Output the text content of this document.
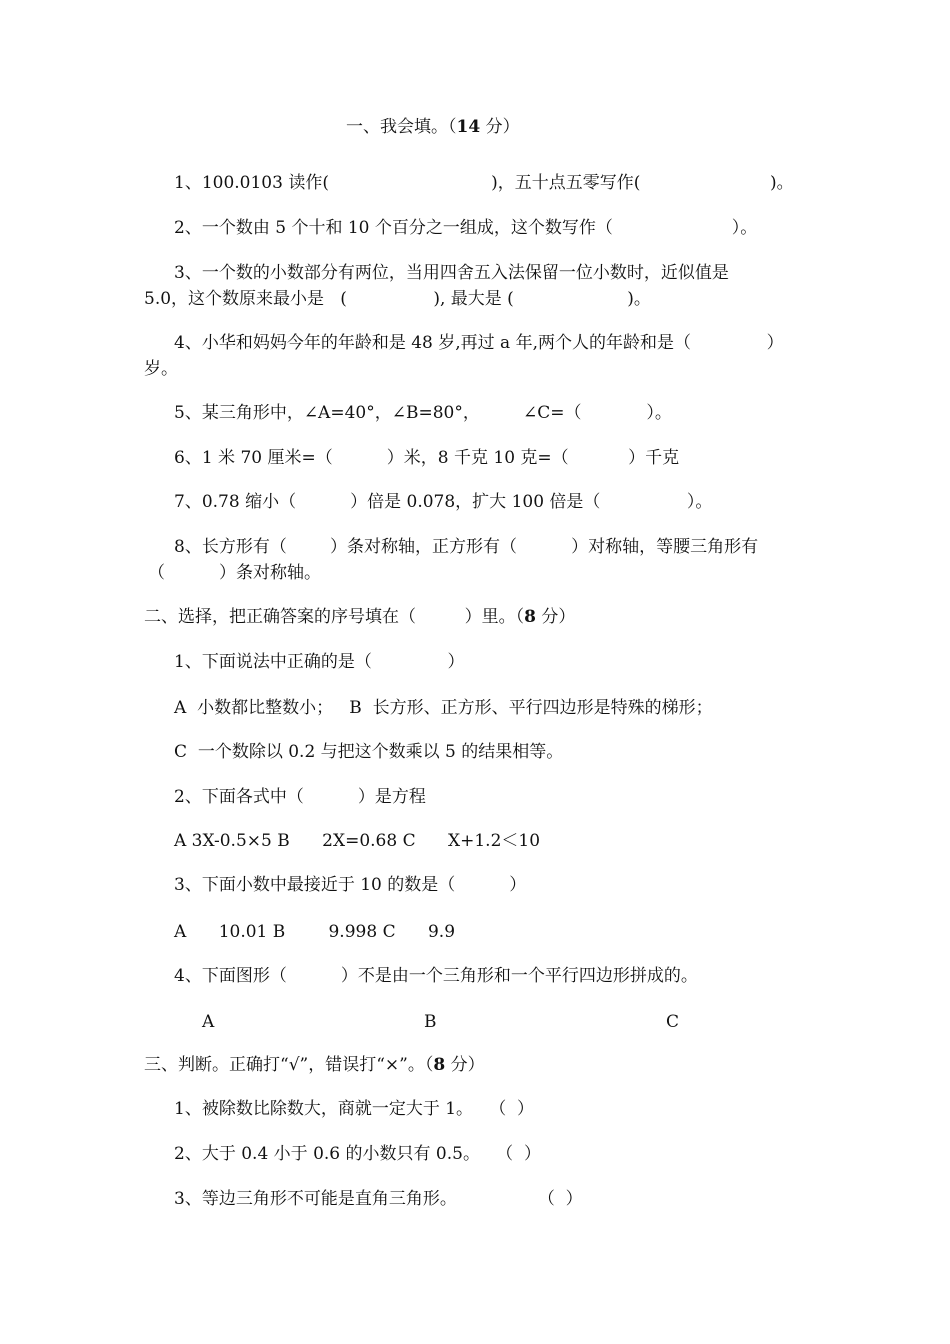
一、我会填。（14 分）
1、100.0103 读作(                              )，五十点五零写作(                        )。
2、一个数由 5 个十和 10 个百分之一组成，这个数写作（                      ）。
3、一个数的小数部分有两位，当用四舍五入法保留一位小数时，近似值是
5.0，这个数原来最小是   (                ), 最大是 (                     )。
4、小华和妈妈今年的年龄和是 48 岁,再过 a 年,两个人的年龄和是（              ）
岁。
5、某三角形中，∠A=40°，∠B=80°，        ∠C=（            ）。
6、1 米 70 厘米=（          ）米，8 千克 10 克=（           ）千克
7、0.78 缩小（          ）倍是 0.078，扩大 100 倍是（                ）。
8、长方形有（        ）条对称轴，正方形有（          ）对称轴，等腰三角形有
（          ）条对称轴。
二、选择，把正确答案的序号填在（         ）里。（8 分）
1、下面说法中正确的是（              ）
A  小数都比整数小；   B  长方形、正方形、平行四边形是特殊的梯形；
C  一个数除以 0.2 与把这个数乘以 5 的结果相等。
2、下面各式中（          ）是方程
A 3X-0.5×5 B      2X=0.68 C      X+1.2＜10
3、下面小数中最接近于 10 的数是（          ）
A      10.01 B        9.998 C      9.9
4、下面图形（          ）不是由一个三角形和一个平行四边形拼成的。
A	B	C
三、判断。正确打“√”，错误打“×”。（8 分）
1、被除数比除数大，商就一定大于 1。   （  ）
2、大于 0.4 小于 0.6 的小数只有 0.5。   （  ）
3、等边三角形不可能是直角三角形。               （  ）
